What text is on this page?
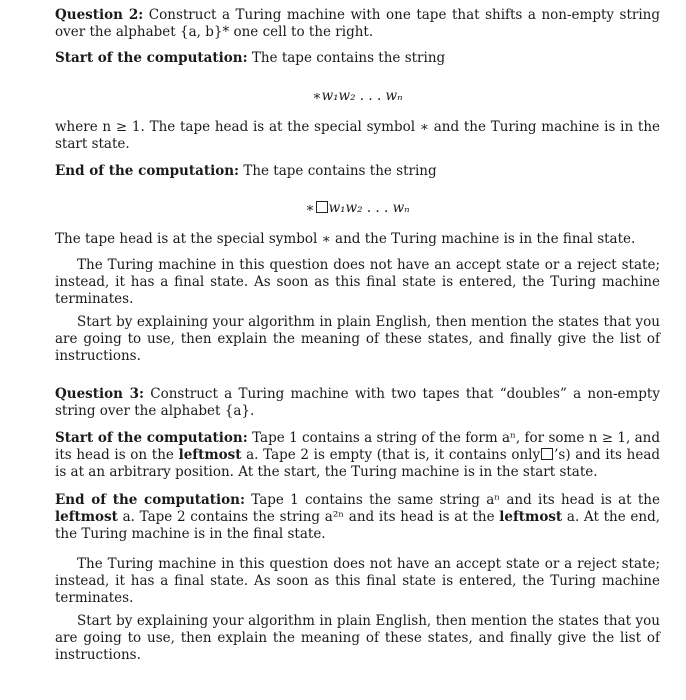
Question 2: Construct a Turing machine with one tape that shifts a non-empty string over the alphabet {a, b}* one cell to the right.
Start of the computation: The tape contains the string
∗w₁w₂ . . . wₙ
where n ≥ 1. The tape head is at the special symbol ∗ and the Turing machine is in the start state.
End of the computation: The tape contains the string
∗ w₁w₂ . . . wₙ
The tape head is at the special symbol ∗ and the Turing machine is in the final state.
The Turing machine in this question does not have an accept state or a reject state; instead, it has a final state. As soon as this final state is entered, the Turing machine terminates.
Start by explaining your algorithm in plain English, then mention the states that you are going to use, then explain the meaning of these states, and finally give the list of instructions.
Question 3: Construct a Turing machine with two tapes that “doubles” a non-empty string over the alphabet {a}.
Start of the computation: Tape 1 contains a string of the form aⁿ, for some n ≥ 1, and its head is on the leftmost a. Tape 2 is empty (that is, it contains only ’s) and its head is at an arbitrary position. At the start, the Turing machine is in the start state.
End of the computation: Tape 1 contains the same string aⁿ and its head is at the leftmost a. Tape 2 contains the string a²ⁿ and its head is at the leftmost a. At the end, the Turing machine is in the final state.
The Turing machine in this question does not have an accept state or a reject state; instead, it has a final state. As soon as this final state is entered, the Turing machine terminates.
Start by explaining your algorithm in plain English, then mention the states that you are going to use, then explain the meaning of these states, and finally give the list of instructions.
